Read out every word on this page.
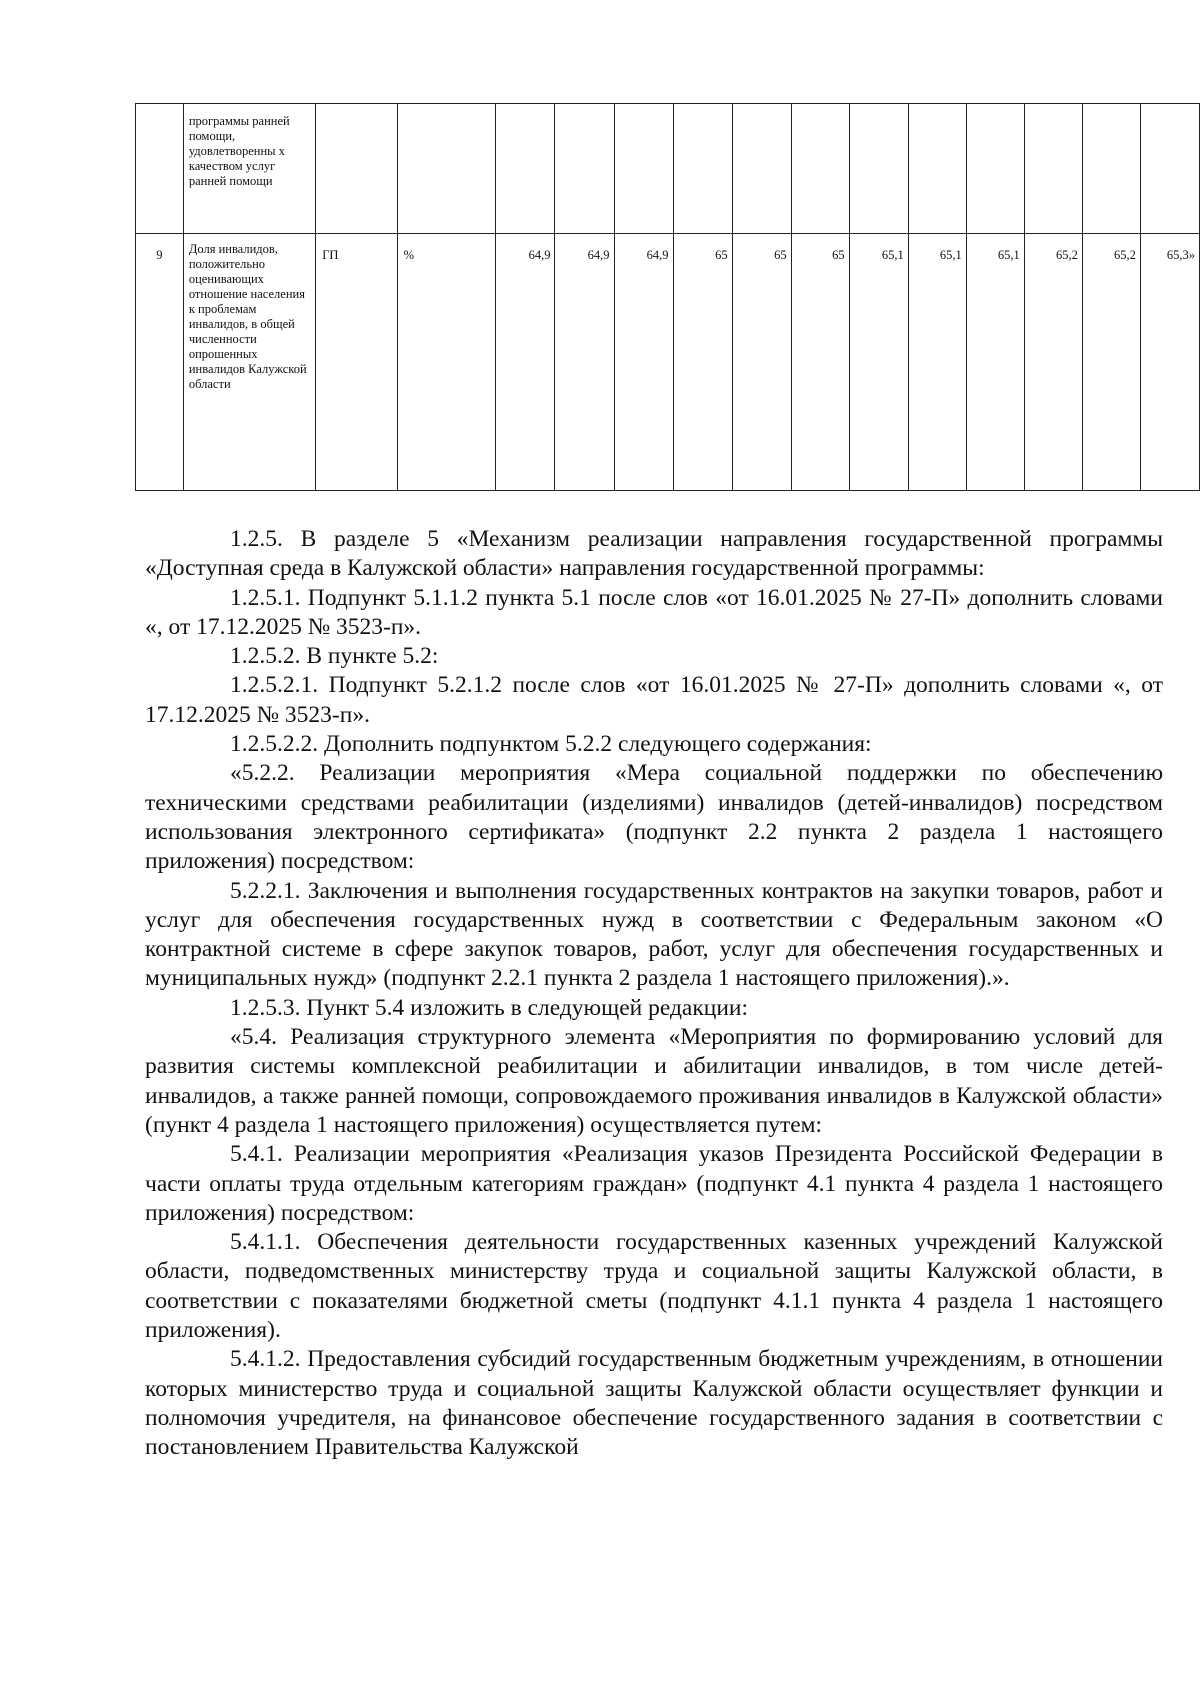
	программы ранней помощи, удовлетворенны х качеством услуг ранней помощи														
9	Доля инвалидов, положительно оценивающих отношение населения к проблемам инвалидов, в общей численности опрошенных инвалидов Калужской области	ГП	%	64,9	64,9	64,9	65	65	65	65,1	65,1	65,1	65,2	65,2	65,3»

1.2.5. В разделе 5 «Механизм реализации направления государственной программы «Доступная среда в Калужской области» направления государственной программы:

1.2.5.1. Подпункт 5.1.1.2 пункта 5.1 после слов «от 16.01.2025 № 27-П» дополнить словами «, от 17.12.2025 № 3523-п».

1.2.5.2. В пункте 5.2:

1.2.5.2.1. Подпункт 5.2.1.2 после слов «от 16.01.2025 № 27-П» дополнить словами «, от 17.12.2025 № 3523-п».

1.2.5.2.2. Дополнить подпунктом 5.2.2 следующего содержания:

«5.2.2. Реализации мероприятия «Мера социальной поддержки по обеспечению техническими средствами реабилитации (изделиями) инвалидов (детей-инвалидов) посредством использования электронного сертификата» (подпункт 2.2 пункта 2 раздела 1 настоящего приложения) посредством:

5.2.2.1. Заключения и выполнения государственных контрактов на закупки товаров, работ и услуг для обеспечения государственных нужд в соответствии с Федеральным законом «О контрактной системе в сфере закупок товаров, работ, услуг для обеспечения государственных и муниципальных нужд» (подпункт 2.2.1 пункта 2 раздела 1 настоящего приложения).».

1.2.5.3. Пункт 5.4 изложить в следующей редакции:

«5.4. Реализация структурного элемента «Мероприятия по формированию условий для развития системы комплексной реабилитации и абилитации инвалидов, в том числе детей-инвалидов, а также ранней помощи, сопровождаемого проживания инвалидов в Калужской области» (пункт 4 раздела 1 настоящего приложения) осуществляется путем:

5.4.1. Реализации мероприятия «Реализация указов Президента Российской Федерации в части оплаты труда отдельным категориям граждан» (подпункт 4.1 пункта 4 раздела 1 настоящего приложения) посредством:

5.4.1.1. Обеспечения деятельности государственных казенных учреждений Калужской области, подведомственных министерству труда и социальной защиты Калужской области, в соответствии с показателями бюджетной сметы (подпункт 4.1.1 пункта 4 раздела 1 настоящего приложения).

5.4.1.2. Предоставления субсидий государственным бюджетным учреждениям, в отношении которых министерство труда и социальной защиты Калужской области осуществляет функции и полномочия учредителя, на финансовое обеспечение государственного задания в соответствии с постановлением Правительства Калужской
